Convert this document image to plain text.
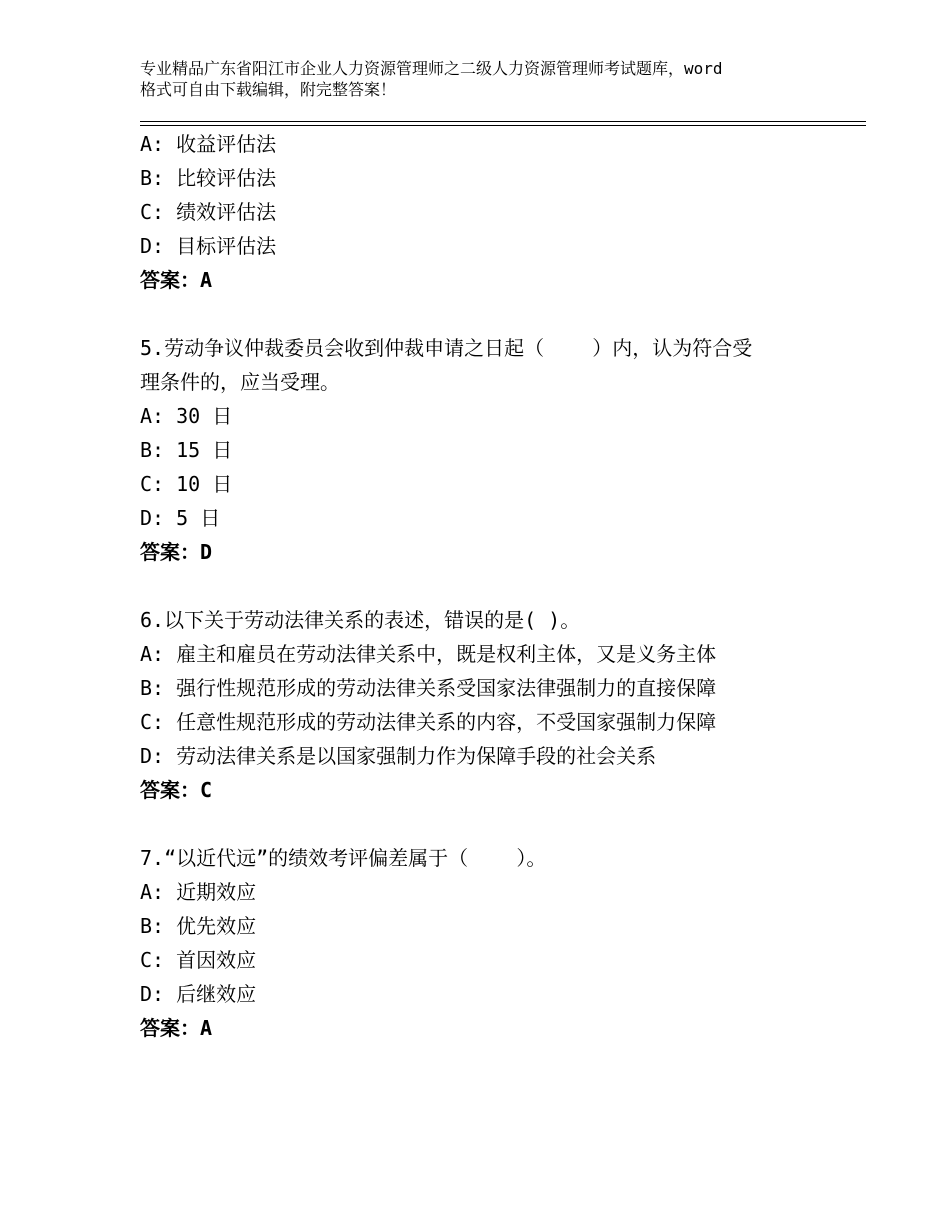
专业精品广东省阳江市企业人力资源管理师之二级人力资源管理师考试题库，word
格式可自由下载编辑，附完整答案！
A: 收益评估法
B: 比较评估法
C: 绩效评估法
D: 目标评估法
答案：A
5.劳动争议仲裁委员会收到仲裁申请之日起（    ）内，认为符合受
理条件的，应当受理。
A: 30 日
B: 15 日
C: 10 日
D: 5 日
答案：D
6.以下关于劳动法律关系的表述，错误的是( )。
A: 雇主和雇员在劳动法律关系中，既是权利主体，又是义务主体
B: 强行性规范形成的劳动法律关系受国家法律强制力的直接保障
C: 任意性规范形成的劳动法律关系的内容，不受国家强制力保障
D: 劳动法律关系是以国家强制力作为保障手段的社会关系
答案：C
7.“以近代远”的绩效考评偏差属于（    ）。
A: 近期效应
B: 优先效应
C: 首因效应
D: 后继效应
答案：A
